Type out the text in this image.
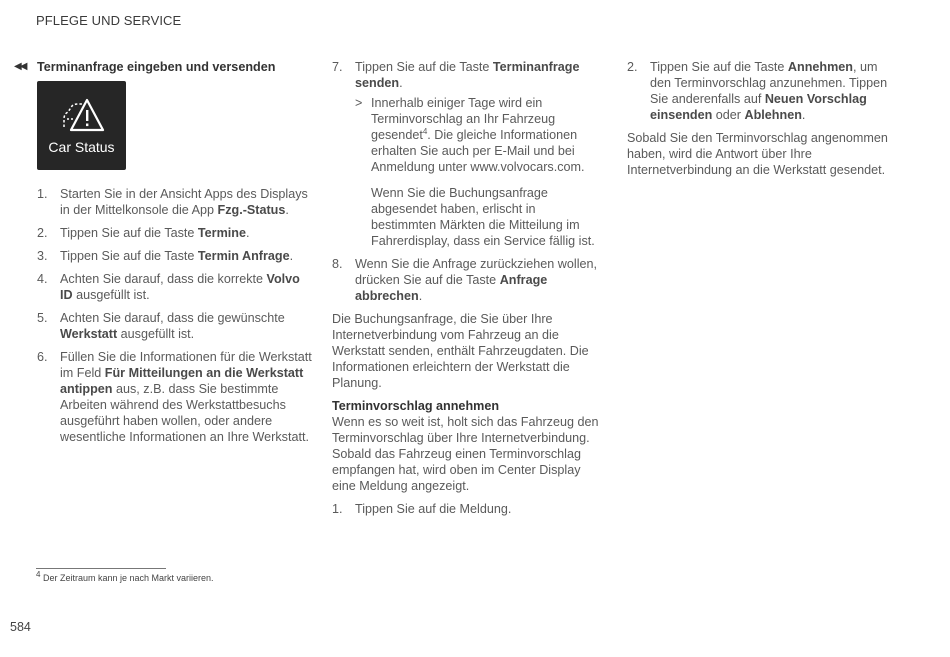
PFLEGE UND SERVICE
◀◀ Terminanfrage eingeben und versenden
Car Status
1. Starten Sie in der Ansicht Apps des Displays in der Mittelkonsole die App Fzg.-Status.
2. Tippen Sie auf die Taste Termine.
3. Tippen Sie auf die Taste Termin Anfrage.
4. Achten Sie darauf, dass die korrekte Volvo ID ausgefüllt ist.
5. Achten Sie darauf, dass die gewünschte Werkstatt ausgefüllt ist.
6. Füllen Sie die Informationen für die Werkstatt im Feld Für Mitteilungen an die Werkstatt antippen aus, z.B. dass Sie bestimmte Arbeiten während des Werkstattbesuchs ausgeführt haben wollen, oder andere wesentliche Informationen an Ihre Werkstatt.
7. Tippen Sie auf die Taste Terminanfrage senden.
> Innerhalb einiger Tage wird ein Terminvorschlag an Ihr Fahrzeug gesendet$^4$. Die gleiche Informationen erhalten Sie auch per E-Mail und bei Anmeldung unter www.volvocars.com.
Wenn Sie die Buchungsanfrage abgesendet haben, erlischt in bestimmten Märkten die Mitteilung im Fahrerdisplay, dass ein Service fällig ist.
8. Wenn Sie die Anfrage zurückziehen wollen, drücken Sie auf die Taste Anfrage abbrechen.

Die Buchungsanfrage, die Sie über Ihre Internetverbindung vom Fahrzeug an die Werkstatt senden, enthält Fahrzeugdaten. Die Informationen erleichtern der Werkstatt die Planung.

Terminvorschlag annehmen

Wenn es so weit ist, holt sich das Fahrzeug den Terminvorschlag über Ihre Internetverbindung. Sobald das Fahrzeug einen Terminvorschlag empfangen hat, wird oben im Center Display eine Meldung angezeigt.

1. Tippen Sie auf die Meldung.
2. Tippen Sie auf die Taste Annehmen, um den Terminvorschlag anzunehmen. Tippen Sie anderenfalls auf Neuen Vorschlag einsenden oder Ablehnen.

Sobald Sie den Terminvorschlag angenommen haben, wird die Antwort über Ihre Internetverbindung an die Werkstatt gesendet.

$^4$ Der Zeitraum kann je nach Markt variieren.
584
